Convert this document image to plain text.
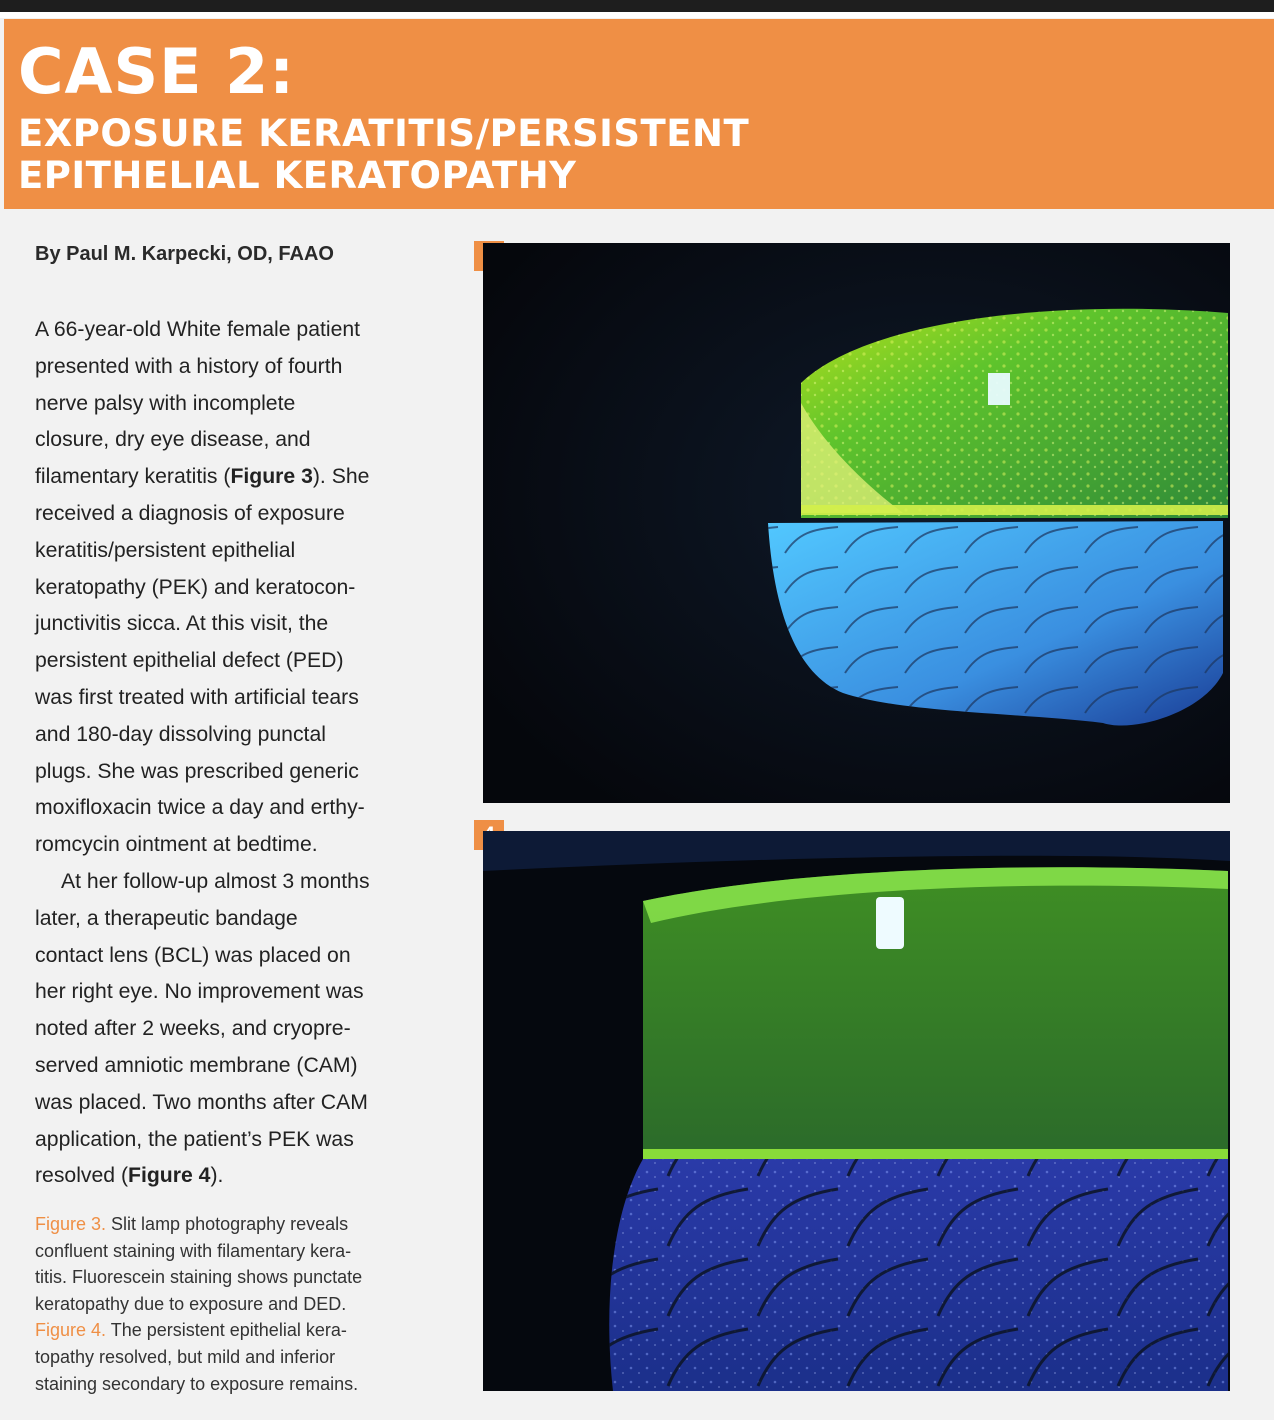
CASE 2:
EXPOSURE KERATITIS/PERSISTENT
EPITHELIAL KERATOPATHY
By Paul M. Karpecki, OD, FAAO

A 66-year-old White female patient
presented with a history of fourth
nerve palsy with incomplete
closure, dry eye disease, and
filamentary keratitis (Figure 3). She
received a diagnosis of exposure
keratitis/persistent epithelial
keratopathy (PEK) and keratocon-
junctivitis sicca. At this visit, the
persistent epithelial defect (PED)
was first treated with artificial tears
and 180-day dissolving punctal
plugs. She was prescribed generic
moxifloxacin twice a day and erthy-
romcycin ointment at bedtime.

At her follow-up almost 3 months
later, a therapeutic bandage
contact lens (BCL) was placed on
her right eye. No improvement was
noted after 2 weeks, and cryopre-
served amniotic membrane (CAM)
was placed. Two months after CAM
application, the patient’s PEK was
resolved (Figure 4).

Figure 3. Slit lamp photography reveals
confluent staining with filamentary kera-
titis. Fluorescein staining shows punctate
keratopathy due to exposure and DED.

Figure 4. The persistent epithelial kera-
topathy resolved, but mild and inferior
staining secondary to exposure remains.
